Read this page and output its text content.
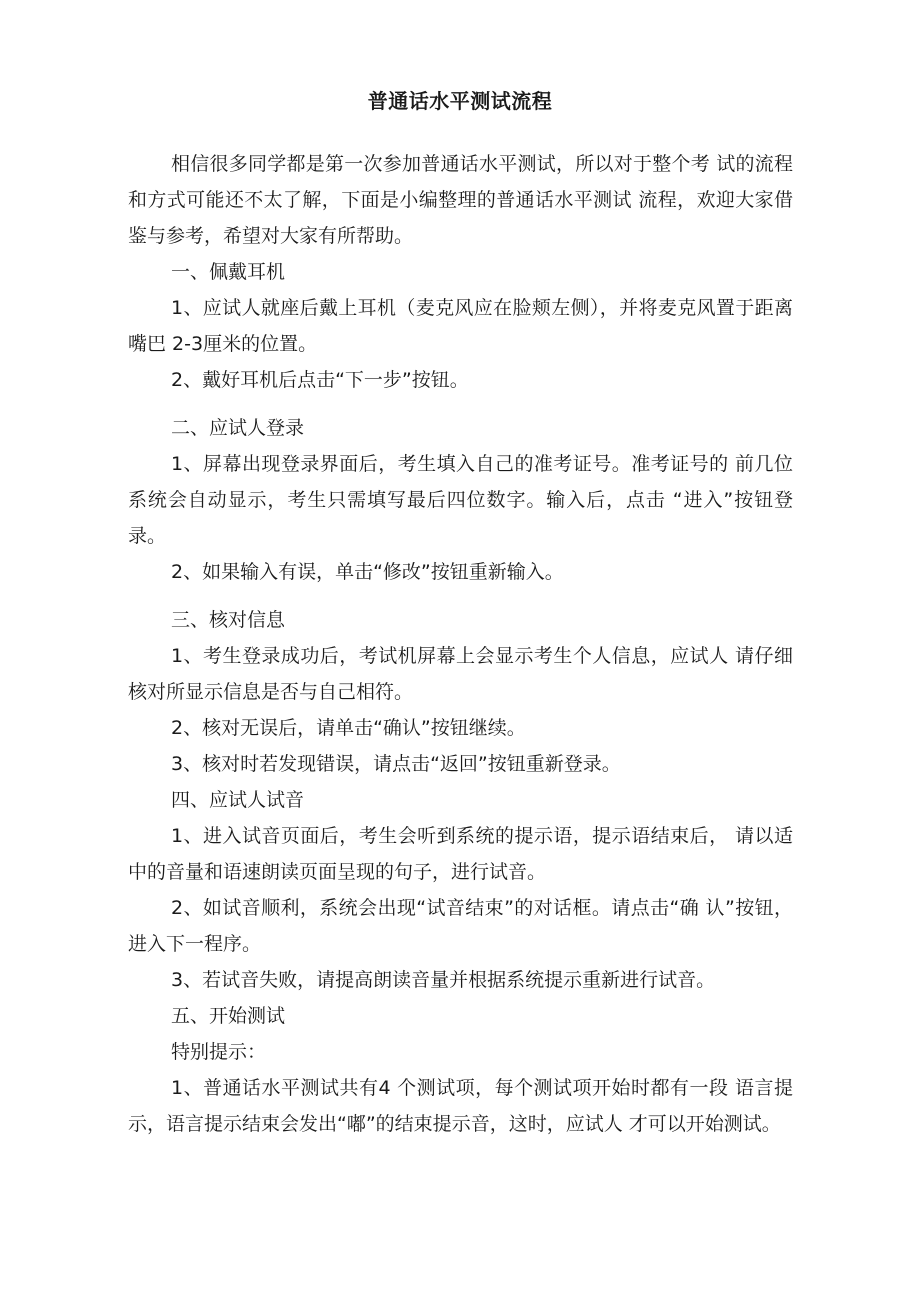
普通话水平测试流程

相信很多同学都是第一次参加普通话水平测试，所以对于整个考 试的流程和方式可能还不太了解，下面是小编整理的普通话水平测试 流程，欢迎大家借鉴与参考，希望对大家有所帮助。

一、佩戴耳机

1、应试人就座后戴上耳机（麦克风应在脸颊左侧），并将麦克风置于距离嘴巴 2-3厘米的位置。

2、戴好耳机后点击“下一步”按钮。

二、应试人登录

1、屏幕出现登录界面后，考生填入自己的准考证号。准考证号的 前几位系统会自动显示，考生只需填写最后四位数字。输入后，点击 “进入”按钮登录。

2、如果输入有误，单击“修改”按钮重新输入。

三、核对信息

1、考生登录成功后，考试机屏幕上会显示考生个人信息，应试人 请仔细核对所显示信息是否与自己相符。

2、核对无误后，请单击“确认”按钮继续。

3、核对时若发现错误，请点击“返回”按钮重新登录。

四、应试人试音

1、进入试音页面后，考生会听到系统的提示语，提示语结束后， 请以适中的音量和语速朗读页面呈现的句子，进行试音。

2、如试音顺利，系统会出现“试音结束”的对话框。请点击“确 认”按钮，进入下一程序。

3、若试音失败，请提高朗读音量并根据系统提示重新进行试音。

五、开始测试

特别提示：

1、普通话水平测试共有4 个测试项，每个测试项开始时都有一段 语言提示，语言提示结束会发出“嘟”的结束提示音，这时，应试人 才可以开始测试。
